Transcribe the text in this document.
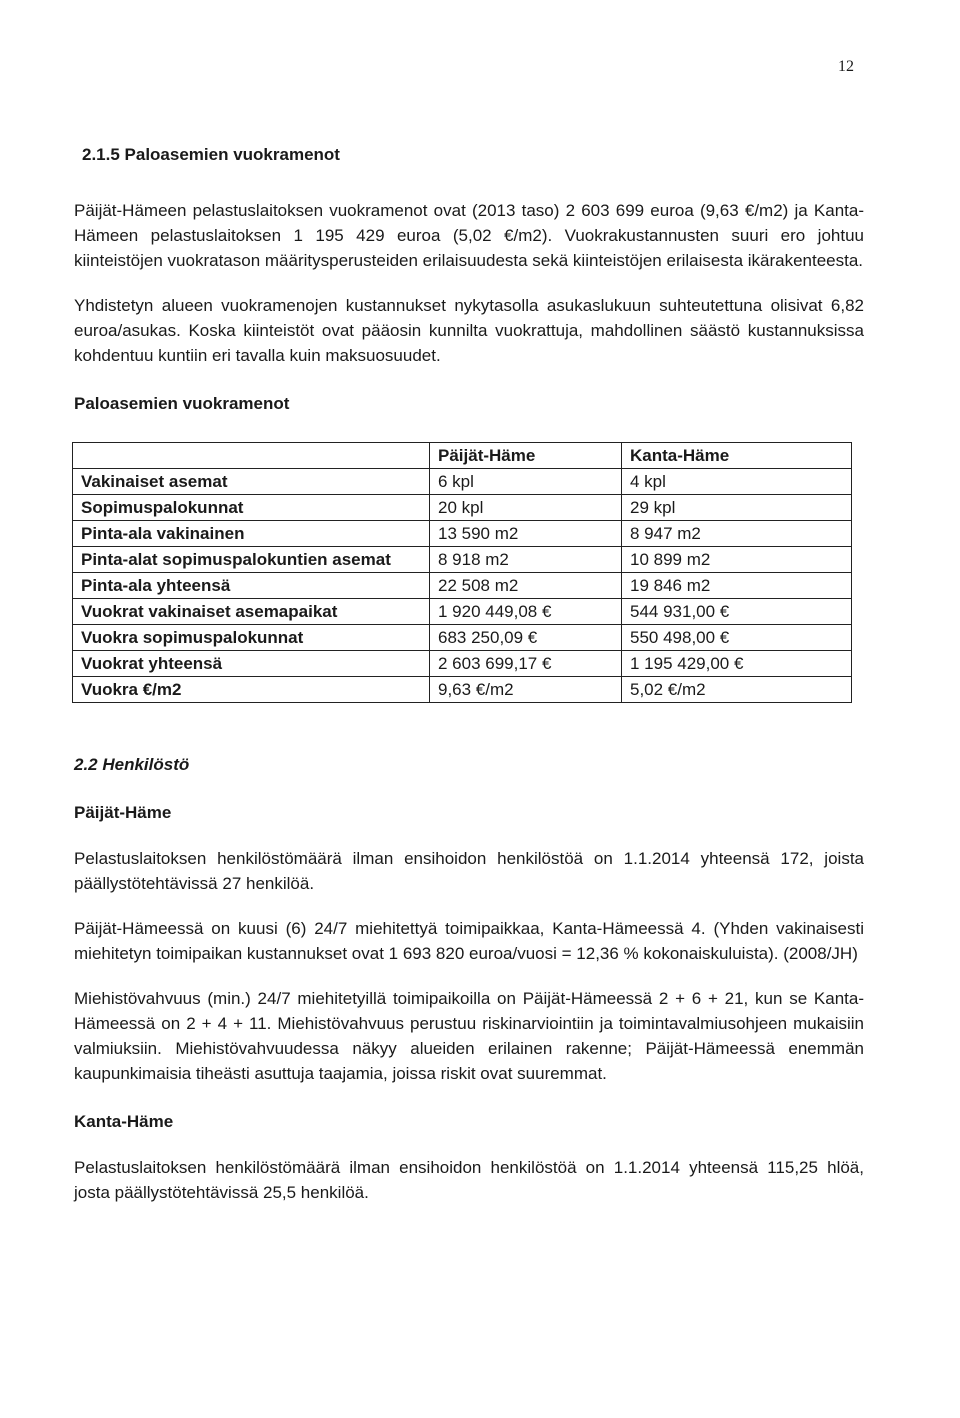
12
2.1.5 Paloasemien vuokramenot

Päijät-Hämeen pelastuslaitoksen vuokramenot ovat (2013 taso) 2 603 699 euroa (9,63 €/m2) ja Kanta-Hämeen pelastuslaitoksen 1 195 429 euroa (5,02 €/m2). Vuokrakustannusten suuri ero johtuu kiinteistöjen vuokratason määritysperusteiden erilaisuudesta sekä kiinteistöjen erilaisesta ikärakenteesta.

Yhdistetyn alueen vuokramenojen kustannukset nykytasolla asukaslukuun suhteutettuna olisivat 6,82 euroa/asukas. Koska kiinteistöt ovat pääosin kunnilta vuokrattuja, mahdollinen säästö kustannuksissa kohdentuu kuntiin eri tavalla kuin maksuosuudet.

Paloasemien vuokramenot
	Päijät-Häme	Kanta-Häme
Vakinaiset asemat	6 kpl	4 kpl
Sopimuspalokunnat	20 kpl	29 kpl
Pinta-ala vakinainen	13 590 m2	8 947 m2
Pinta-alat sopimuspalokuntien asemat	8 918 m2	10 899 m2
Pinta-ala yhteensä	22 508 m2	19 846 m2
Vuokrat vakinaiset asemapaikat	1 920 449,08 €	544 931,00 €
Vuokra sopimuspalokunnat	683 250,09 €	550 498,00 €
Vuokrat yhteensä	2 603 699,17 €	1 195 429,00 €
Vuokra €/m2	9,63 €/m2	5,02 €/m2
2.2 Henkilöstö
Päijät-Häme

Pelastuslaitoksen henkilöstömäärä ilman ensihoidon henkilöstöä on 1.1.2014 yhteensä 172, joista päällystötehtävissä 27 henkilöä.

Päijät-Hämeessä on kuusi (6) 24/7 miehitettyä toimipaikkaa, Kanta-Hämeessä 4. (Yhden vakinaisesti miehitetyn toimipaikan kustannukset ovat 1 693 820 euroa/vuosi = 12,36 % kokonaiskuluista). (2008/JH)

Miehistövahvuus (min.) 24/7 miehitetyillä toimipaikoilla on Päijät-Hämeessä 2 + 6 + 21, kun se Kanta-Hämeessä on 2 + 4 + 11. Miehistövahvuus perustuu riskinarviointiin ja toimintavalmiusohjeen mukaisiin valmiuksiin. Miehistövahvuudessa näkyy alueiden erilainen rakenne; Päijät-Hämeessä enemmän kaupunkimaisia tiheästi asuttuja taajamia, joissa riskit ovat suuremmat.

Kanta-Häme

Pelastuslaitoksen henkilöstömäärä ilman ensihoidon henkilöstöä on 1.1.2014 yhteensä 115,25 hlöä, josta päällystötehtävissä 25,5 henkilöä.
